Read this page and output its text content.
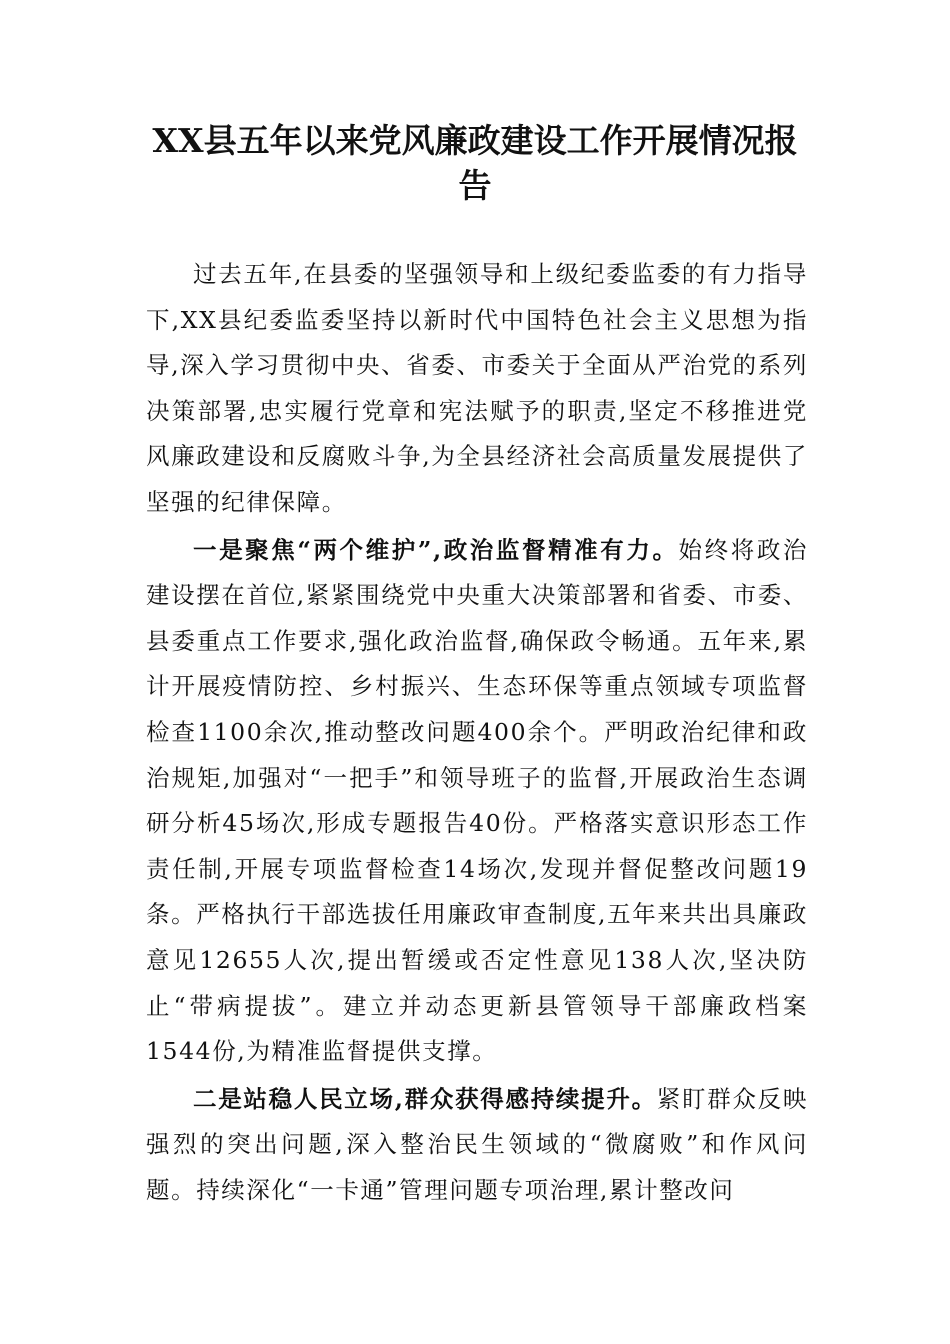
XX县五年以来党风廉政建设工作开展情况报告

过去五年,在县委的坚强领导和上级纪委监委的有力指导下,XX县纪委监委坚持以新时代中国特色社会主义思想为指导,深入学习贯彻中央、省委、市委关于全面从严治党的系列决策部署,忠实履行党章和宪法赋予的职责,坚定不移推进党风廉政建设和反腐败斗争,为全县经济社会高质量发展提供了坚强的纪律保障。

一是聚焦“两个维护”,政治监督精准有力。始终将政治建设摆在首位,紧紧围绕党中央重大决策部署和省委、市委、县委重点工作要求,强化政治监督,确保政令畅通。五年来,累计开展疫情防控、乡村振兴、生态环保等重点领域专项监督检查1100余次,推动整改问题400余个。严明政治纪律和政治规矩,加强对“一把手”和领导班子的监督,开展政治生态调研分析45场次,形成专题报告40份。严格落实意识形态工作责任制,开展专项监督检查14场次,发现并督促整改问题19条。严格执行干部选拔任用廉政审查制度,五年来共出具廉政意见12655人次,提出暂缓或否定性意见138人次,坚决防止“带病提拔”。建立并动态更新县管领导干部廉政档案1544份,为精准监督提供支撑。

二是站稳人民立场,群众获得感持续提升。紧盯群众反映强烈的突出问题,深入整治民生领域的“微腐败”和作风问题。持续深化“一卡通”管理问题专项治理,累计整改问
